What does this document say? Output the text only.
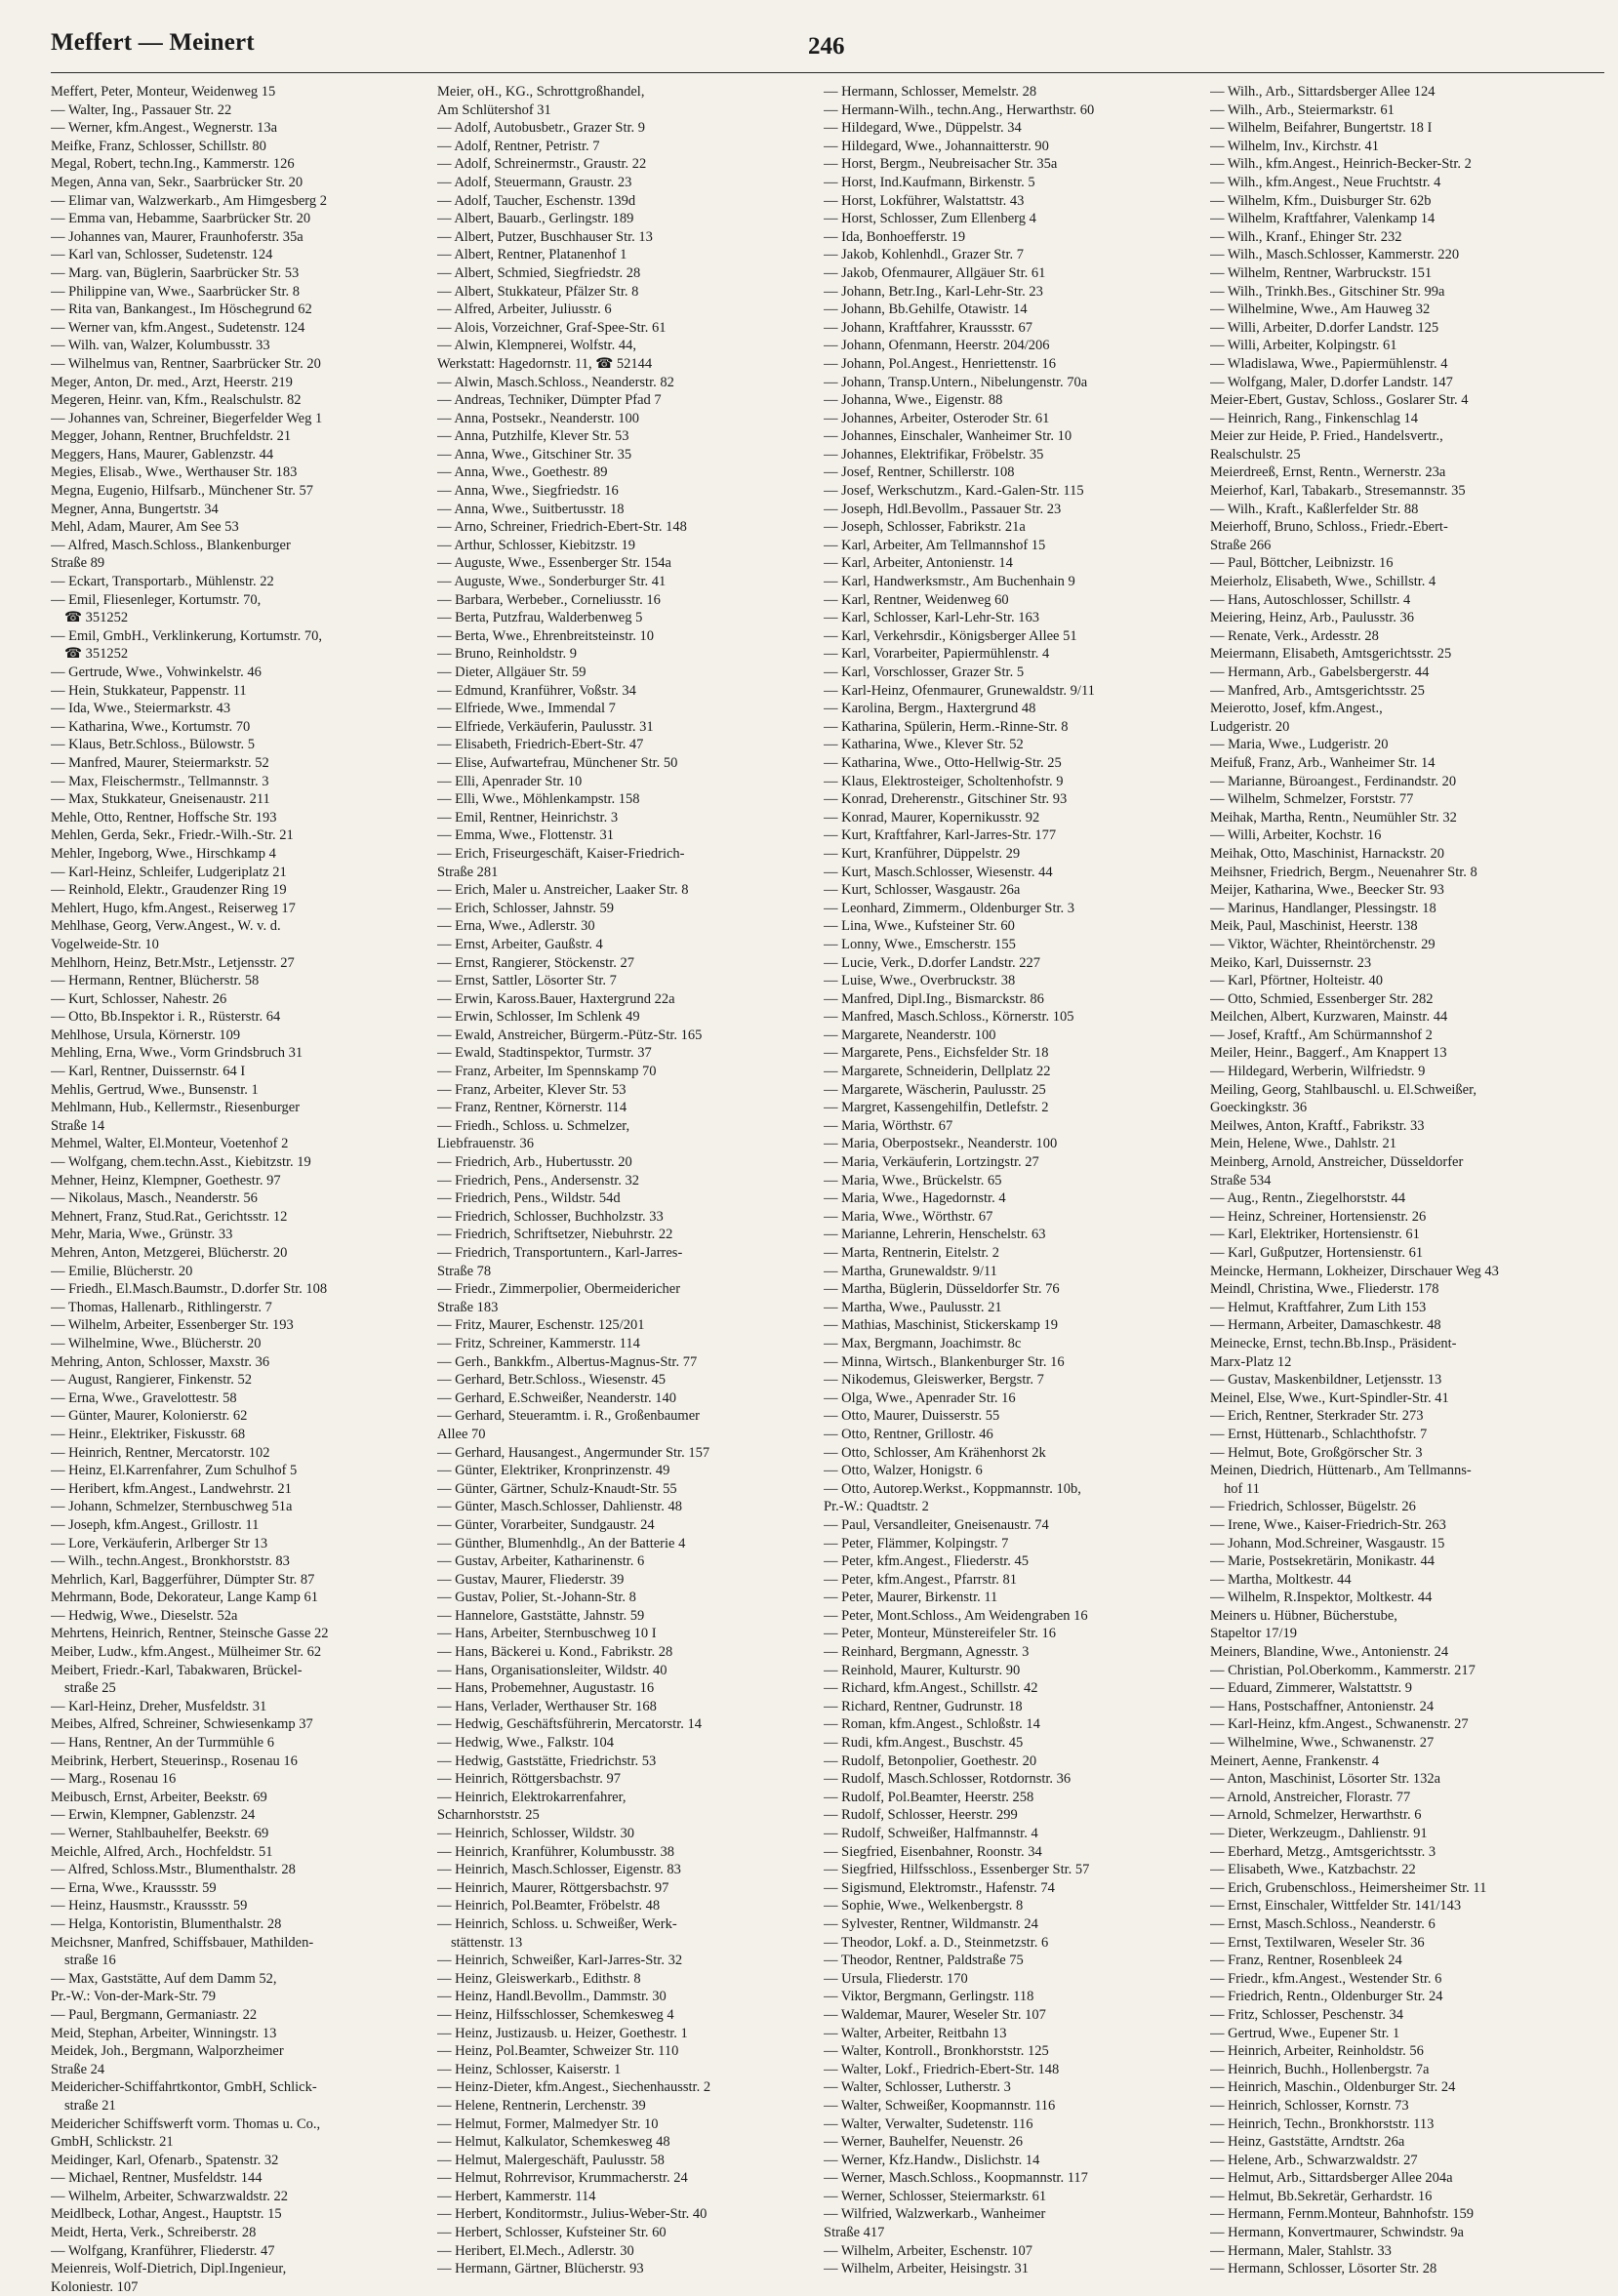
Meffert — Meinert	246
Meffert, Peter, Monteur, Weidenweg 15
— Walter, Ing., Passauer Str. 22
— Werner, kfm.Angest., Wegnerstr. 13a
Meifke, Franz, Schlosser, Schillstr. 80
Megal, Robert, techn.Ing., Kammerstr. 126
Megen, Anna van, Sekr., Saarbrücker Str. 20
— Elimar van, Walzwerkarb., Am Himgesberg 2
— Emma van, Hebamme, Saarbrücker Str. 20
— Johannes van, Maurer, Fraunhoferstr. 35a
— Karl van, Schlosser, Sudetenstr. 124
— Marg. van, Büglerin, Saarbrücker Str. 53
— Philippine van, Wwe., Saarbrücker Str. 8
— Rita van, Bankangest., Im Höschegrund 62
— Werner van, kfm.Angest., Sudetenstr. 124
— Wilh. van, Walzer, Kolumbusstr. 33
— Wilhelmus van, Rentner, Saarbrücker Str. 20
Meger, Anton, Dr. med., Arzt, Heerstr. 219
Megeren, Heinr. van, Kfm., Realschulstr. 82
— Johannes van, Schreiner, Biegerfelder Weg 1
Megger, Johann, Rentner, Bruchfeldstr. 21
Meggers, Hans, Maurer, Gablenzstr. 44
Megies, Elisab., Wwe., Werthauser Str. 183
Megna, Eugenio, Hilfsarb., Münchener Str. 57
Megner, Anna, Bungertstr. 34
Mehl, Adam, Maurer, Am See 53
— Alfred, Masch.Schloss., Blankenburger
Straße 89
— Eckart, Transportarb., Mühlenstr. 22
— Emil, Fliesenleger, Kortumstr. 70,
☎ 351252
— Emil, GmbH., Verklinkerung, Kortumstr. 70,
☎ 351252
— Gertrude, Wwe., Vohwinkelstr. 46
— Hein, Stukkateur, Pappenstr. 11
— Ida, Wwe., Steiermarkstr. 43
— Katharina, Wwe., Kortumstr. 70
— Klaus, Betr.Schloss., Bülowstr. 5
— Manfred, Maurer, Steiermarkstr. 52
— Max, Fleischermstr., Tellmannstr. 3
— Max, Stukkateur, Gneisenaustr. 211
Mehle, Otto, Rentner, Hoffsche Str. 193
Mehlen, Gerda, Sekr., Friedr.-Wilh.-Str. 21
Mehler, Ingeborg, Wwe., Hirschkamp 4
— Karl-Heinz, Schleifer, Ludgeriplatz 21
— Reinhold, Elektr., Graudenzer Ring 19
Mehlert, Hugo, kfm.Angest., Reiserweg 17
Mehlhase, Georg, Verw.Angest., W. v. d.
Vogelweide-Str. 10
Mehlhorn, Heinz, Betr.Mstr., Letjensstr. 27
— Hermann, Rentner, Blücherstr. 58
— Kurt, Schlosser, Nahestr. 26
— Otto, Bb.Inspektor i. R., Rüsterstr. 64
Mehlhose, Ursula, Körnerstr. 109
Mehling, Erna, Wwe., Vorm Grindsbruch 31
— Karl, Rentner, Duissernstr. 64 I
Mehlis, Gertrud, Wwe., Bunsenstr. 1
Mehlmann, Hub., Kellermstr., Riesenburger
Straße 14
Mehmel, Walter, El.Monteur, Voetenhof 2
— Wolfgang, chem.techn.Asst., Kiebitzstr. 19
Mehner, Heinz, Klempner, Goethestr. 97
— Nikolaus, Masch., Neanderstr. 56
Mehnert, Franz, Stud.Rat., Gerichtsstr. 12
Mehr, Maria, Wwe., Grünstr. 33
Mehren, Anton, Metzgerei, Blücherstr. 20
— Emilie, Blücherstr. 20
— Friedh., El.Masch.Baumstr., D.dorfer Str. 108
— Thomas, Hallenarb., Rithlingerstr. 7
— Wilhelm, Arbeiter, Essenberger Str. 193
— Wilhelmine, Wwe., Blücherstr. 20
Mehring, Anton, Schlosser, Maxstr. 36
— August, Rangierer, Finkenstr. 52
— Erna, Wwe., Gravelottestr. 58
— Günter, Maurer, Kolonierstr. 62
— Heinr., Elektriker, Fiskusstr. 68
— Heinrich, Rentner, Mercatorstr. 102
— Heinz, El.Karrenfahrer, Zum Schulhof 5
— Heribert, kfm.Angest., Landwehrstr. 21
— Johann, Schmelzer, Sternbuschweg 51a
— Joseph, kfm.Angest., Grillostr. 11
— Lore, Verkäuferin, Arlberger Str 13
— Wilh., techn.Angest., Bronkhorststr. 83
Mehrlich, Karl, Baggerführer, Dümpter Str. 87
Mehrmann, Bode, Dekorateur, Lange Kamp 61
— Hedwig, Wwe., Dieselstr. 52a
Mehrtens, Heinrich, Rentner, Steinsche Gasse 22
Meiber, Ludw., kfm.Angest., Mülheimer Str. 62
Meibert, Friedr.-Karl, Tabakwaren, Brückel-
straße 25
— Karl-Heinz, Dreher, Musfeldstr. 31
Meibes, Alfred, Schreiner, Schwiesenkamp 37
— Hans, Rentner, An der Turmmühle 6
Meibrink, Herbert, Steuerinsp., Rosenau 16
— Marg., Rosenau 16
Meibusch, Ernst, Arbeiter, Beekstr. 69
— Erwin, Klempner, Gablenzstr. 24
— Werner, Stahlbauhelfer, Beekstr. 69
Meichle, Alfred, Arch., Hochfeldstr. 51
— Alfred, Schloss.Mstr., Blumenthalstr. 28
— Erna, Wwe., Kraussstr. 59
— Heinz, Hausmstr., Kraussstr. 59
— Helga, Kontoristin, Blumenthalstr. 28
Meichsner, Manfred, Schiffsbauer, Mathilden-
straße 16
— Max, Gaststätte, Auf dem Damm 52,
Pr.-W.: Von-der-Mark-Str. 79
— Paul, Bergmann, Germaniastr. 22
Meid, Stephan, Arbeiter, Winningstr. 13
Meidek, Joh., Bergmann, Walporzheimer
Straße 24
Meidericher-Schiffahrtkontor, GmbH, Schlick-
straße 21
Meidericher Schiffswerft vorm. Thomas u. Co.,
GmbH, Schlickstr. 21
Meidinger, Karl, Ofenarb., Spatenstr. 32
— Michael, Rentner, Musfeldstr. 144
— Wilhelm, Arbeiter, Schwarzwaldstr. 22
Meidlbeck, Lothar, Angest., Hauptstr. 15
Meidt, Herta, Verk., Schreiberstr. 28
— Wolfgang, Kranführer, Fliederstr. 47
Meienreis, Wolf-Dietrich, Dipl.Ingenieur,
Koloniestr. 107
Meier, oH., KG., Schrottgroßhandel,
Am Schlütershof 31
— Adolf, Autobusbetr., Grazer Str. 9
— Adolf, Rentner, Petristr. 7
— Adolf, Schreinermstr., Graustr. 22
— Adolf, Steuermann, Graustr. 23
— Adolf, Taucher, Eschenstr. 139d
— Albert, Bauarb., Gerlingstr. 189
— Albert, Putzer, Buschhauser Str. 13
— Albert, Rentner, Platanenhof 1
— Albert, Schmied, Siegfriedstr. 28
— Albert, Stukkateur, Pfälzer Str. 8
— Alfred, Arbeiter, Juliusstr. 6
— Alois, Vorzeichner, Graf-Spee-Str. 61
— Alwin, Klempnerei, Wolfstr. 44,
Werkstatt: Hagedornstr. 11, ☎ 52144
— Alwin, Masch.Schloss., Neanderstr. 82
— Andreas, Techniker, Dümpter Pfad 7
— Anna, Postsekr., Neanderstr. 100
— Anna, Putzhilfe, Klever Str. 53
— Anna, Wwe., Gitschiner Str. 35
— Anna, Wwe., Goethestr. 89
— Anna, Wwe., Siegfriedstr. 16
— Anna, Wwe., Suitbertusstr. 18
— Arno, Schreiner, Friedrich-Ebert-Str. 148
— Arthur, Schlosser, Kiebitzstr. 19
— Auguste, Wwe., Essenberger Str. 154a
— Auguste, Wwe., Sonderburger Str. 41
— Barbara, Werbeber., Corneliusstr. 16
— Berta, Putzfrau, Walderbenweg 5
— Berta, Wwe., Ehrenbreitsteinstr. 10
— Bruno, Reinholdstr. 9
— Dieter, Allgäuer Str. 59
— Edmund, Kranführer, Voßstr. 34
— Elfriede, Wwe., Immendal 7
— Elfriede, Verkäuferin, Paulusstr. 31
— Elisabeth, Friedrich-Ebert-Str. 47
— Elise, Aufwartefrau, Münchener Str. 50
— Elli, Apenrader Str. 10
— Elli, Wwe., Möhlenkampstr. 158
— Emil, Rentner, Heinrichstr. 3
— Emma, Wwe., Flottenstr. 31
— Erich, Friseurgeschäft, Kaiser-Friedrich-
Straße 281
— Erich, Maler u. Anstreicher, Laaker Str. 8
— Erich, Schlosser, Jahnstr. 59
— Erna, Wwe., Adlerstr. 30
— Ernst, Arbeiter, Gaußstr. 4
— Ernst, Rangierer, Stöckenstr. 27
— Ernst, Sattler, Lösorter Str. 7
— Erwin, Kaross.Bauer, Haxtergrund 22a
— Erwin, Schlosser, Im Schlenk 49
— Ewald, Anstreicher, Bürgerm.-Pütz-Str. 165
— Ewald, Stadtinspektor, Turmstr. 37
— Franz, Arbeiter, Im Spennskamp 70
— Franz, Arbeiter, Klever Str. 53
— Franz, Rentner, Körnerstr. 114
— Friedh., Schloss. u. Schmelzer,
Liebfrauenstr. 36
— Friedrich, Arb., Hubertusstr. 20
— Friedrich, Pens., Andersenstr. 32
— Friedrich, Pens., Wildstr. 54d
— Friedrich, Schlosser, Buchholzstr. 33
— Friedrich, Schriftsetzer, Niebuhrstr. 22
— Friedrich, Transportuntern., Karl-Jarres-
Straße 78
— Friedr., Zimmerpolier, Obermeidericher
Straße 183
— Fritz, Maurer, Eschenstr. 125/201
— Fritz, Schreiner, Kammerstr. 114
— Gerh., Bankkfm., Albertus-Magnus-Str. 77
— Gerhard, Betr.Schloss., Wiesenstr. 45
— Gerhard, E.Schweißer, Neanderstr. 140
— Gerhard, Steueramtm. i. R., Großenbaumer
Allee 70
— Gerhard, Hausangest., Angermunder Str. 157
— Günter, Elektriker, Kronprinzenstr. 49
— Günter, Gärtner, Schulz-Knaudt-Str. 55
— Günter, Masch.Schlosser, Dahlienstr. 48
— Günter, Vorarbeiter, Sundgaustr. 24
— Günther, Blumenhdlg., An der Batterie 4
— Gustav, Arbeiter, Katharinenstr. 6
— Gustav, Maurer, Fliederstr. 39
— Gustav, Polier, St.-Johann-Str. 8
— Hannelore, Gaststätte, Jahnstr. 59
— Hans, Arbeiter, Sternbuschweg 10 I
— Hans, Bäckerei u. Kond., Fabrikstr. 28
— Hans, Organisationsleiter, Wildstr. 40
— Hans, Probemehner, Augustastr. 16
— Hans, Verlader, Werthauser Str. 168
— Hedwig, Geschäftsführerin, Mercatorstr. 14
— Hedwig, Wwe., Falkstr. 104
— Hedwig, Gaststätte, Friedrichstr. 53
— Heinrich, Röttgersbachstr. 97
— Heinrich, Elektrokarrenfahrer,
Scharnhorststr. 25
— Heinrich, Schlosser, Wildstr. 30
— Heinrich, Kranführer, Kolumbusstr. 38
— Heinrich, Masch.Schlosser, Eigenstr. 83
— Heinrich, Maurer, Röttgersbachstr. 97
— Heinrich, Pol.Beamter, Fröbelstr. 48
— Heinrich, Schloss. u. Schweißer, Werk-
stättenstr. 13
— Heinrich, Schweißer, Karl-Jarres-Str. 32
— Heinz, Gleiswerkarb., Edithstr. 8
— Heinz, Handl.Bevollm., Dammstr. 30
— Heinz, Hilfsschlosser, Schemkesweg 4
— Heinz, Justizausb. u. Heizer, Goethestr. 1
— Heinz, Pol.Beamter, Schweizer Str. 110
— Heinz, Schlosser, Kaiserstr. 1
— Heinz-Dieter, kfm.Angest., Siechenhausstr. 2
— Helene, Rentnerin, Lerchenstr. 39
— Helmut, Former, Malmedyer Str. 10
— Helmut, Kalkulator, Schemkesweg 48
— Helmut, Malergeschäft, Paulusstr. 58
— Helmut, Rohrrevisor, Krummacherstr. 24
— Herbert, Kammerstr. 114
— Herbert, Konditormstr., Julius-Weber-Str. 40
— Herbert, Schlosser, Kufsteiner Str. 60
— Heribert, El.Mech., Adlerstr. 30
— Hermann, Gärtner, Blücherstr. 93
— Hermann, Schlosser, Memelstr. 28
— Hermann-Wilh., techn.Ang., Herwarthstr. 60
— Hildegard, Wwe., Düppelstr. 34
— Hildegard, Wwe., Johannaitterstr. 90
— Horst, Bergm., Neubreisacher Str. 35a
— Horst, Ind.Kaufmann, Birkenstr. 5
— Horst, Lokführer, Walstattstr. 43
— Horst, Schlosser, Zum Ellenberg 4
— Ida, Bonhoefferstr. 19
— Jakob, Kohlenhdl., Grazer Str. 7
— Jakob, Ofenmaurer, Allgäuer Str. 61
— Johann, Betr.Ing., Karl-Lehr-Str. 23
— Johann, Bb.Gehilfe, Otawistr. 14
— Johann, Kraftfahrer, Kraussstr. 67
— Johann, Ofenmann, Heerstr. 204/206
— Johann, Pol.Angest., Henriettenstr. 16
— Johann, Transp.Untern., Nibelungenstr. 70a
— Johanna, Wwe., Eigenstr. 88
— Johannes, Arbeiter, Osteroder Str. 61
— Johannes, Einschaler, Wanheimer Str. 10
— Johannes, Elektrifikar, Fröbelstr. 35
— Josef, Rentner, Schillerstr. 108
— Josef, Werkschutzm., Kard.-Galen-Str. 115
— Joseph, Hdl.Bevollm., Passauer Str. 23
— Joseph, Schlosser, Fabrikstr. 21a
— Karl, Arbeiter, Am Tellmannshof 15
— Karl, Arbeiter, Antonienstr. 14
— Karl, Handwerksmstr., Am Buchenhain 9
— Karl, Rentner, Weidenweg 60
— Karl, Schlosser, Karl-Lehr-Str. 163
— Karl, Verkehrsdir., Königsberger Allee 51
— Karl, Vorarbeiter, Papiermühlenstr. 4
— Karl, Vorschlosser, Grazer Str. 5
— Karl-Heinz, Ofenmaurer, Grunewaldstr. 9/11
— Karolina, Bergm., Haxtergrund 48
— Katharina, Spülerin, Herm.-Rinne-Str. 8
— Katharina, Wwe., Klever Str. 52
— Katharina, Wwe., Otto-Hellwig-Str. 25
— Klaus, Elektrosteiger, Scholtenhofstr. 9
— Konrad, Dreherenstr., Gitschiner Str. 93
— Konrad, Maurer, Kopernikusstr. 92
— Kurt, Kraftfahrer, Karl-Jarres-Str. 177
— Kurt, Kranführer, Düppelstr. 29
— Kurt, Masch.Schlosser, Wiesenstr. 44
— Kurt, Schlosser, Wasgaustr. 26a
— Leonhard, Zimmerm., Oldenburger Str. 3
— Lina, Wwe., Kufsteiner Str. 60
— Lonny, Wwe., Emscherstr. 155
— Lucie, Verk., D.dorfer Landstr. 227
— Luise, Wwe., Overbruckstr. 38
— Manfred, Dipl.Ing., Bismarckstr. 86
— Manfred, Masch.Schloss., Körnerstr. 105
— Margarete, Neanderstr. 100
— Margarete, Pens., Eichsfelder Str. 18
— Margarete, Schneiderin, Dellplatz 22
— Margarete, Wäscherin, Paulusstr. 25
— Margret, Kassengehilfin, Detlefstr. 2
— Maria, Wörthstr. 67
— Maria, Oberpostsekr., Neanderstr. 100
— Maria, Verkäuferin, Lortzingstr. 27
— Maria, Wwe., Brückelstr. 65
— Maria, Wwe., Hagedornstr. 4
— Maria, Wwe., Wörthstr. 67
— Marianne, Lehrerin, Henschelstr. 63
— Marta, Rentnerin, Eitelstr. 2
— Martha, Grunewaldstr. 9/11
— Martha, Büglerin, Düsseldorfer Str. 76
— Martha, Wwe., Paulusstr. 21
— Mathias, Maschinist, Stickerskamp 19
— Max, Bergmann, Joachimstr. 8c
— Minna, Wirtsch., Blankenburger Str. 16
— Nikodemus, Gleiswerker, Bergstr. 7
— Olga, Wwe., Apenrader Str. 16
— Otto, Maurer, Duisserstr. 55
— Otto, Rentner, Grillostr. 46
— Otto, Schlosser, Am Krähenhorst 2k
— Otto, Walzer, Honigstr. 6
— Otto, Autorep.Werkst., Koppmannstr. 10b,
Pr.-W.: Quadtstr. 2
— Paul, Versandleiter, Gneisenaustr. 74
— Peter, Flämmer, Kolpingstr. 7
— Peter, kfm.Angest., Fliederstr. 45
— Peter, kfm.Angest., Pfarrstr. 81
— Peter, Maurer, Birkenstr. 11
— Peter, Mont.Schloss., Am Weidengraben 16
— Peter, Monteur, Münstereifeler Str. 16
— Reinhard, Bergmann, Agnesstr. 3
— Reinhold, Maurer, Kulturstr. 90
— Richard, kfm.Angest., Schillstr. 42
— Richard, Rentner, Gudrunstr. 18
— Roman, kfm.Angest., Schloßstr. 14
— Rudi, kfm.Angest., Buschstr. 45
— Rudolf, Betonpolier, Goethestr. 20
— Rudolf, Masch.Schlosser, Rotdornstr. 36
— Rudolf, Pol.Beamter, Heerstr. 258
— Rudolf, Schlosser, Heerstr. 299
— Rudolf, Schweißer, Halfmannstr. 4
— Siegfried, Eisenbahner, Roonstr. 34
— Siegfried, Hilfsschloss., Essenberger Str. 57
— Sigismund, Elektromstr., Hafenstr. 74
— Sophie, Wwe., Welkenbergstr. 8
— Sylvester, Rentner, Wildmanstr. 24
— Theodor, Lokf. a. D., Steinmetzstr. 6
— Theodor, Rentner, Paldstraße 75
— Ursula, Fliederstr. 170
— Viktor, Bergmann, Gerlingstr. 118
— Waldemar, Maurer, Weseler Str. 107
— Walter, Arbeiter, Reitbahn 13
— Walter, Kontroll., Bronkhorststr. 125
— Walter, Lokf., Friedrich-Ebert-Str. 148
— Walter, Schlosser, Lutherstr. 3
— Walter, Schweißer, Koopmannstr. 116
— Walter, Verwalter, Sudetenstr. 116
— Werner, Bauhelfer, Neuenstr. 26
— Werner, Kfz.Handw., Dislichstr. 14
— Werner, Masch.Schloss., Koopmannstr. 117
— Werner, Schlosser, Steiermarkstr. 61
— Wilfried, Walzwerkarb., Wanheimer
Straße 417
— Wilhelm, Arbeiter, Eschenstr. 107
— Wilhelm, Arbeiter, Heisingstr. 31
— Wilh., Arb., Sittardsberger Allee 124
— Wilh., Arb., Steiermarkstr. 61
— Wilhelm, Beifahrer, Bungertstr. 18 I
— Wilhelm, Inv., Kirchstr. 41
— Wilh., kfm.Angest., Heinrich-Becker-Str. 2
— Wilh., kfm.Angest., Neue Fruchtstr. 4
— Wilhelm, Kfm., Duisburger Str. 62b
— Wilhelm, Kraftfahrer, Valenkamp 14
— Wilh., Kranf., Ehinger Str. 232
— Wilh., Masch.Schlosser, Kammerstr. 220
— Wilhelm, Rentner, Warbruckstr. 151
— Wilh., Trinkh.Bes., Gitschiner Str. 99a
— Wilhelmine, Wwe., Am Hauweg 32
— Willi, Arbeiter, D.dorfer Landstr. 125
— Willi, Arbeiter, Kolpingstr. 61
— Wladislawa, Wwe., Papiermühlenstr. 4
— Wolfgang, Maler, D.dorfer Landstr. 147
Meier-Ebert, Gustav, Schloss., Goslarer Str. 4
— Heinrich, Rang., Finkenschlag 14
Meier zur Heide, P. Fried., Handelsvertr.,
Realschulstr. 25
Meierdreeß, Ernst, Rentn., Wernerstr. 23a
Meierhof, Karl, Tabakarb., Stresemannstr. 35
— Wilh., Kraft., Kaßlerfelder Str. 88
Meierhoff, Bruno, Schloss., Friedr.-Ebert-
Straße 266
— Paul, Böttcher, Leibnizstr. 16
Meierholz, Elisabeth, Wwe., Schillstr. 4
— Hans, Autoschlosser, Schillstr. 4
Meiering, Heinz, Arb., Paulusstr. 36
— Renate, Verk., Ardesstr. 28
Meiermann, Elisabeth, Amtsgerichtsstr. 25
— Hermann, Arb., Gabelsbergerstr. 44
— Manfred, Arb., Amtsgerichtsstr. 25
Meierotto, Josef, kfm.Angest.,
Ludgeristr. 20
— Maria, Wwe., Ludgeristr. 20
Meifuß, Franz, Arb., Wanheimer Str. 14
— Marianne, Büroangest., Ferdinandstr. 20
— Wilhelm, Schmelzer, Forststr. 77
Meihak, Martha, Rentn., Neumühler Str. 32
— Willi, Arbeiter, Kochstr. 16
Meihak, Otto, Maschinist, Harnackstr. 20
Meihsner, Friedrich, Bergm., Neuenahrer Str. 8
Meijer, Katharina, Wwe., Beecker Str. 93
— Marinus, Handlanger, Plessingstr. 18
Meik, Paul, Maschinist, Heerstr. 138
— Viktor, Wächter, Rheintörchenstr. 29
Meiko, Karl, Duissernstr. 23
— Karl, Pförtner, Holteistr. 40
— Otto, Schmied, Essenberger Str. 282
Meilchen, Albert, Kurzwaren, Mainstr. 44
— Josef, Kraftf., Am Schürmannshof 2
Meiler, Heinr., Baggerf., Am Knappert 13
— Hildegard, Werberin, Wilfriedstr. 9
Meiling, Georg, Stahlbauschl. u. El.Schweißer,
Goeckingkstr. 36
Meilwes, Anton, Kraftf., Fabrikstr. 33
Mein, Helene, Wwe., Dahlstr. 21
Meinberg, Arnold, Anstreicher, Düsseldorfer
Straße 534
— Aug., Rentn., Ziegelhorststr. 44
— Heinz, Schreiner, Hortensienstr. 26
— Karl, Elektriker, Hortensienstr. 61
— Karl, Gußputzer, Hortensienstr. 61
Meincke, Hermann, Lokheizer, Dirschauer Weg 43
Meindl, Christina, Wwe., Fliederstr. 178
— Helmut, Kraftfahrer, Zum Lith 153
— Hermann, Arbeiter, Damaschkestr. 48
Meinecke, Ernst, techn.Bb.Insp., Präsident-
Marx-Platz 12
— Gustav, Maskenbildner, Letjensstr. 13
Meinel, Else, Wwe., Kurt-Spindler-Str. 41
— Erich, Rentner, Sterkrader Str. 273
— Ernst, Hüttenarb., Schlachthofstr. 7
— Helmut, Bote, Großgörscher Str. 3
Meinen, Diedrich, Hüttenarb., Am Tellmanns-
hof 11
— Friedrich, Schlosser, Bügelstr. 26
— Irene, Wwe., Kaiser-Friedrich-Str. 263
— Johann, Mod.Schreiner, Wasgaustr. 15
— Marie, Postsekretärin, Monikastr. 44
— Martha, Moltkestr. 44
— Wilhelm, R.Inspektor, Moltkestr. 44
Meiners u. Hübner, Bücherstube,
Stapeltor 17/19
Meiners, Blandine, Wwe., Antonienstr. 24
— Christian, Pol.Oberkomm., Kammerstr. 217
— Eduard, Zimmerer, Walstattstr. 9
— Hans, Postschaffner, Antonienstr. 24
— Karl-Heinz, kfm.Angest., Schwanenstr. 27
— Wilhelmine, Wwe., Schwanenstr. 27
Meinert, Aenne, Frankenstr. 4
— Anton, Maschinist, Lösorter Str. 132a
— Arnold, Anstreicher, Florastr. 77
— Arnold, Schmelzer, Herwarthstr. 6
— Dieter, Werkzeugm., Dahlienstr. 91
— Eberhard, Metzg., Amtsgerichtsstr. 3
— Elisabeth, Wwe., Katzbachstr. 22
— Erich, Grubenschloss., Heimersheimer Str. 11
— Ernst, Einschaler, Wittfelder Str. 141/143
— Ernst, Masch.Schloss., Neanderstr. 6
— Ernst, Textilwaren, Weseler Str. 36
— Franz, Rentner, Rosenbleek 24
— Friedr., kfm.Angest., Westender Str. 6
— Friedrich, Rentn., Oldenburger Str. 24
— Fritz, Schlosser, Peschenstr. 34
— Gertrud, Wwe., Eupener Str. 1
— Heinrich, Arbeiter, Reinholdstr. 56
— Heinrich, Buchh., Hollenbergstr. 7a
— Heinrich, Maschin., Oldenburger Str. 24
— Heinrich, Schlosser, Kornstr. 73
— Heinrich, Techn., Bronkhorststr. 113
— Heinz, Gaststätte, Arndtstr. 26a
— Helene, Arb., Schwarzwaldstr. 27
— Helmut, Arb., Sittardsberger Allee 204a
— Helmut, Bb.Sekretär, Gerhardstr. 16
— Hermann, Fernm.Monteur, Bahnhofstr. 159
— Hermann, Konvertmaurer, Schwindstr. 9a
— Hermann, Maler, Stahlstr. 33
— Hermann, Schlosser, Lösorter Str. 28
